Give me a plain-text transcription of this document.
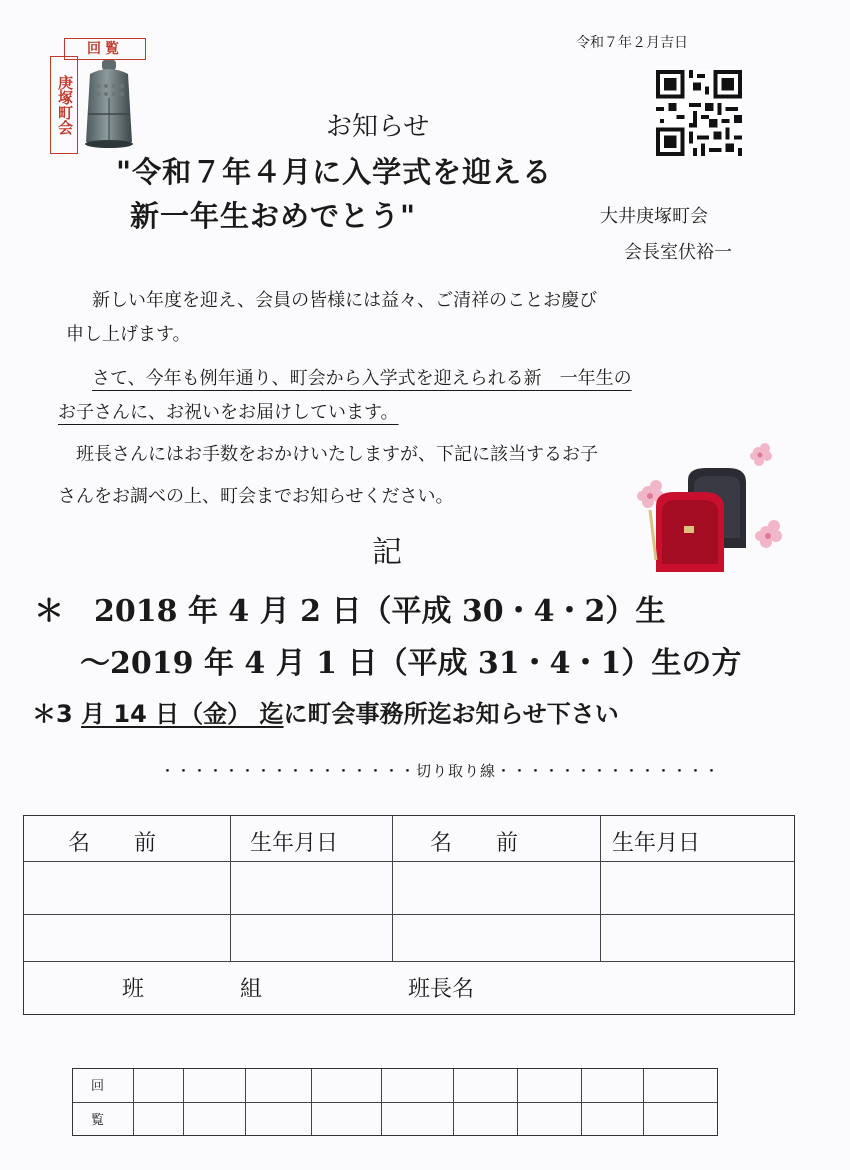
令和７年２月吉日
回覧
庚塚町会	お知らせ
"令和７年４月に入学式を迎える
新一年生おめでとう"	大井庚塚町会
会長室伏裕一
新しい年度を迎え、会員の皆様には益々、ご清祥のことお慶び
申し上げます。
さて、今年も例年通り、町会から入学式を迎えられる新　一年生の
お子さんに、お祝いをお届けしています。
班長さんにはお手数をおかけいたしますが、下記に該当するお子
さんをお調べの上、町会までお知らせください。
記
＊　2018 年 4 月 2 日（平成 30・4・2）生
～2019 年 4 月 1 日（平成 31・4・1）生の方
＊3 月 14 日（金） 迄に町会事務所迄お知らせ下さい
・・・・・・・・・・・・・・・・切り取り線・・・・・・・・・・・・・・
名　　前	生年月日	名　　前	生年月日
班	組	班長名
回
覧
